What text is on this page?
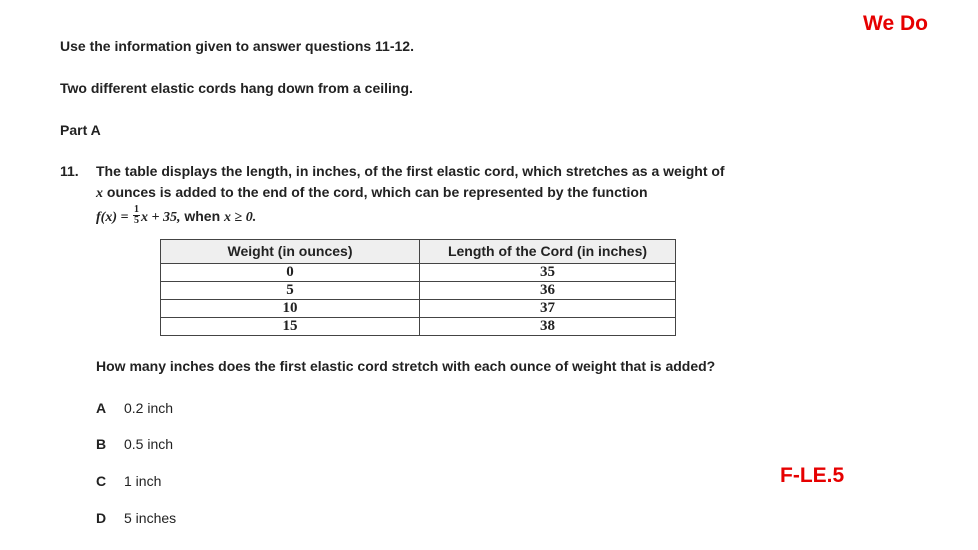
We Do
Use the information given to answer questions 11-12.
Two different elastic cords hang down from a ceiling.
Part A
11. The table displays the length, in inches, of the first elastic cord, which stretches as a weight of
x ounces is added to the end of the cord, which can be represented by the function
$f(x) = \frac{1}{5}$ x + 35, when x ≥ 0.
Weight (in ounces)	Length of the Cord (in inches)
0	35
5	36
10	37
15	38
How many inches does the first elastic cord stretch with each ounce of weight that is added?
A 0.2 inch
B 0.5 inch
C 1 inch
D 5 inches
F-LE.5
